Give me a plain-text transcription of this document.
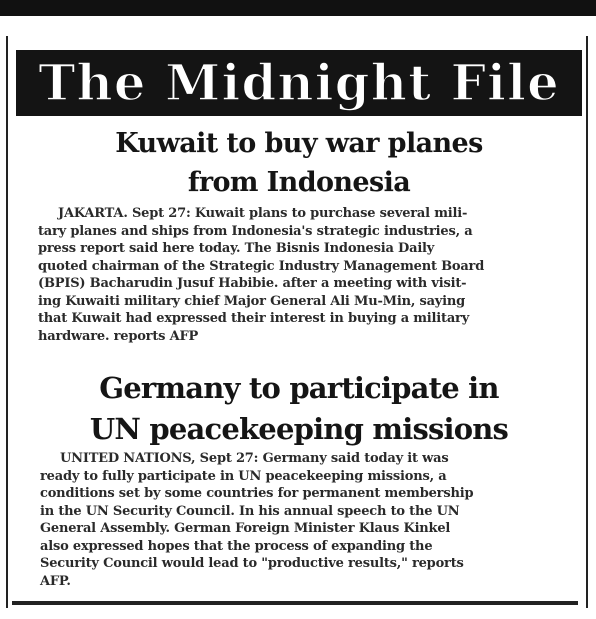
The Midnight File
Kuwait to buy war planes
from Indonesia
JAKARTA. Sept 27: Kuwait plans to purchase several mili-
tary planes and ships from Indonesia's strategic industries, a
press report said here today. The Bisnis Indonesia Daily
quoted chairman of the Strategic Industry Management Board
(BPIS) Bacharudin Jusuf Habibie. after a meeting with visit-
ing Kuwaiti military chief Major General Ali Mu-Min, saying
that Kuwait had expressed their interest in buying a military
hardware. reports AFP
Germany to participate in
UN peacekeeping missions
UNITED NATIONS, Sept 27: Germany said today it was
ready to fully participate in UN peacekeeping missions, a
conditions set by some countries for permanent membership
in the UN Security Council. In his annual speech to the UN
General Assembly. German Foreign Minister Klaus Kinkel
also expressed hopes that the process of expanding the
Security Council would lead to "productive results," reports
AFP.
